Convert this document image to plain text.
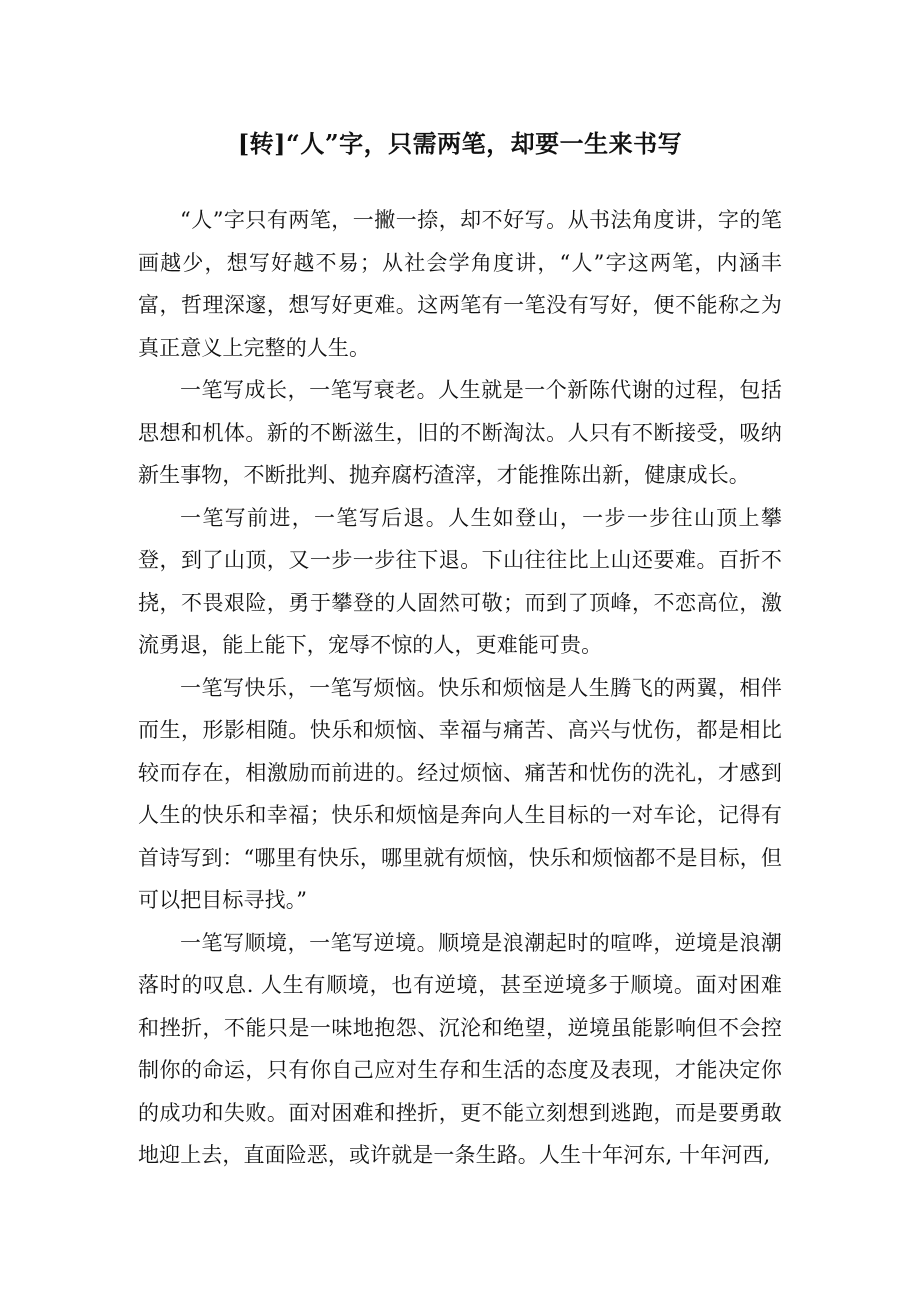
[转]“人”字，只需两笔，却要一生来书写

“人”字只有两笔，一撇一捺，却不好写。从书法角度讲，字的笔画越少，想写好越不易；从社会学角度讲，“人”字这两笔，内涵丰富，哲理深邃，想写好更难。这两笔有一笔没有写好，便不能称之为真正意义上完整的人生。

一笔写成长，一笔写衰老。人生就是一个新陈代谢的过程，包括思想和机体。新的不断滋生，旧的不断淘汰。人只有不断接受，吸纳新生事物，不断批判、抛弃腐朽渣滓，才能推陈出新，健康成长。

一笔写前进，一笔写后退。人生如登山，一步一步往山顶上攀登，到了山顶，又一步一步往下退。下山往往比上山还要难。百折不挠，不畏艰险，勇于攀登的人固然可敬；而到了顶峰，不恋高位，激流勇退，能上能下，宠辱不惊的人，更难能可贵。

一笔写快乐，一笔写烦恼。快乐和烦恼是人生腾飞的两翼，相伴而生，形影相随。快乐和烦恼、幸福与痛苦、高兴与忧伤，都是相比较而存在，相激励而前进的。经过烦恼、痛苦和忧伤的洗礼，才感到人生的快乐和幸福；快乐和烦恼是奔向人生目标的一对车论，记得有首诗写到：“哪里有快乐，哪里就有烦恼，快乐和烦恼都不是目标，但可以把目标寻找。”

一笔写顺境，一笔写逆境。顺境是浪潮起时的喧哗，逆境是浪潮落时的叹息. 人生有顺境，也有逆境，甚至逆境多于顺境。面对困难和挫折，不能只是一味地抱怨、沉沦和绝望，逆境虽能影响但不会控制你的命运，只有你自己应对生存和生活的态度及表现，才能决定你的成功和失败。面对困难和挫折，更不能立刻想到逃跑，而是要勇敢地迎上去，直面险恶，或许就是一条生路。人生十年河东, 十年河西,
